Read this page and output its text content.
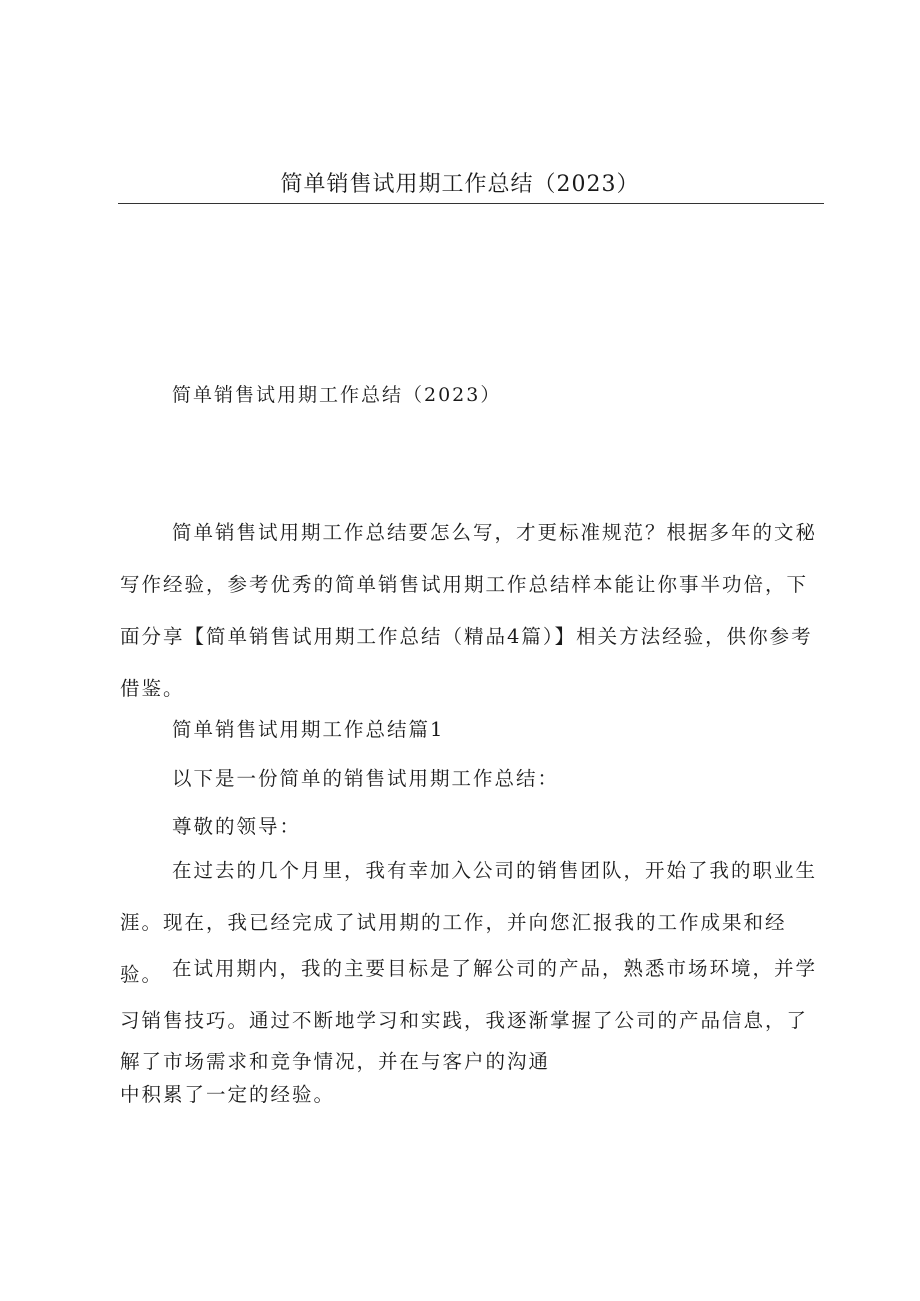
简单销售试用期工作总结（2023）
简单销售试用期工作总结（2023）

简单销售试用期工作总结要怎么写，才更标准规范？根据多年的文秘写作经验，参考优秀的简单销售试用期工作总结样本能让你事半功倍，下面分享【简单销售试用期工作总结（精品4篇）】相关方法经验，供你参考借鉴。

简单销售试用期工作总结篇1
以下是一份简单的销售试用期工作总结：
尊敬的领导：

在过去的几个月里，我有幸加入公司的销售团队，开始了我的职业生涯。现在，我已经完成了试用期的工作，并向您汇报我的工作成果和经验。 在试用期内，我的主要目标是了解公司的产品，熟悉市场环境，并学习销售技巧。通过不断地学习和实践，我逐渐掌握了公司的产品信息，了

解了市场需求和竞争情况，并在与客户的沟通
中积累了一定的经验。
